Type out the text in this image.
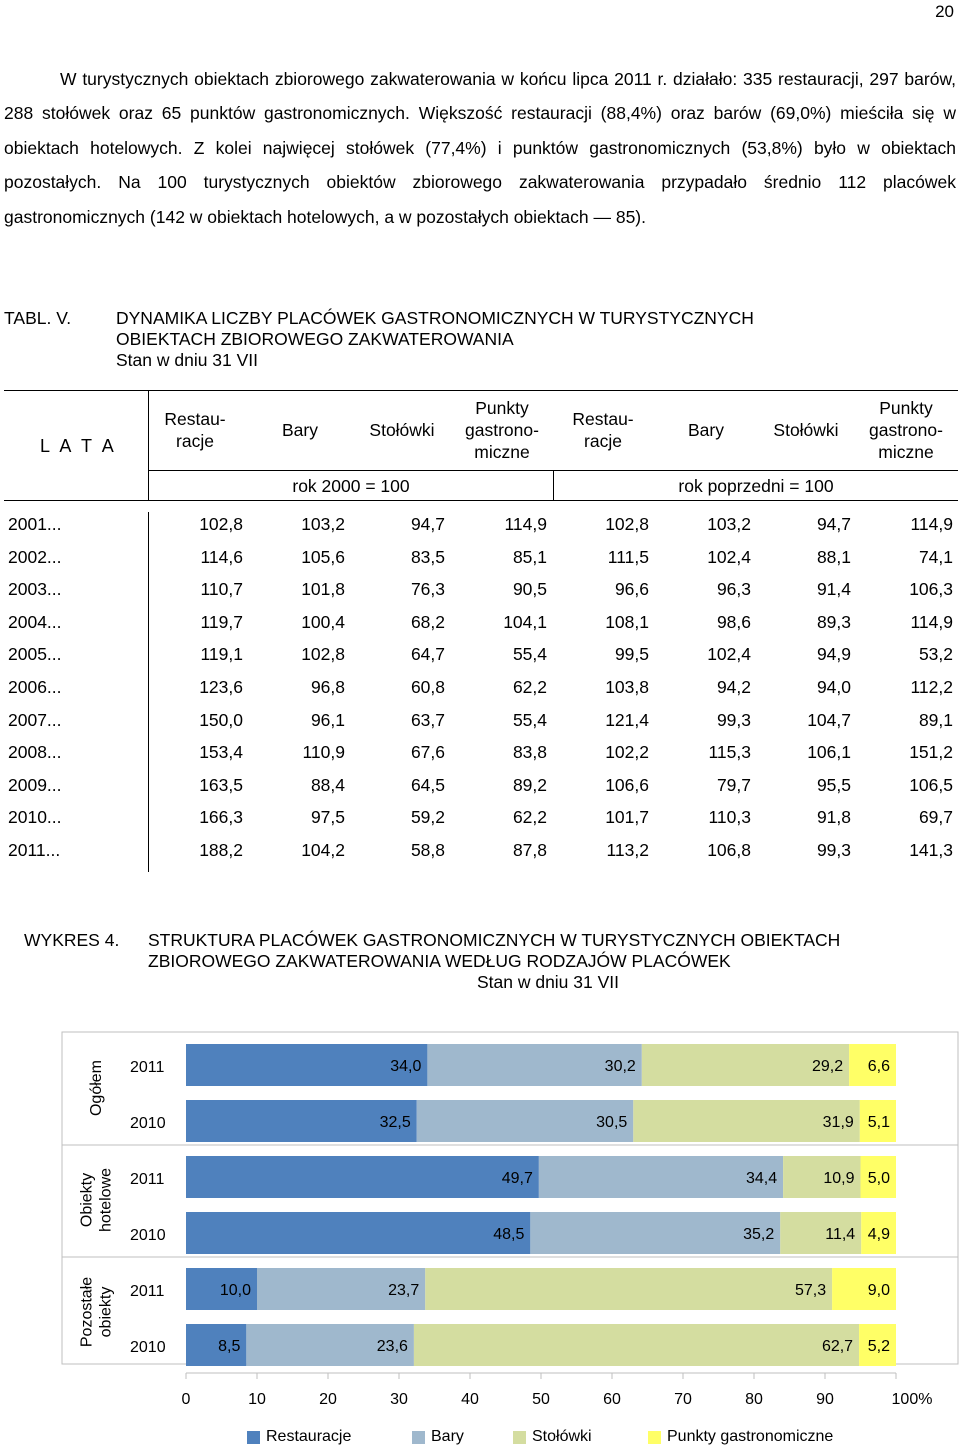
20

W turystycznych obiektach zbiorowego zakwaterowania w końcu lipca 2011 r. działało: 335 restauracji, 297 barów, 288 stołówek oraz 65 punktów gastronomicznych. Większość restauracji (88,4%) oraz barów (69,0%) mieściła się w obiektach hotelowych. Z kolei najwięcej stołówek (77,4%) i punktów gastronomicznych (53,8%) było w obiektach pozostałych. Na 100 turystycznych obiektów zbiorowego zakwaterowania przypadało średnio 112 placówek gastronomicznych (142 w obiektach hotelowych, a w pozostałych obiektach — 85).

TABL. V.	DYNAMIKA LICZBY PLACÓWEK GASTRONOMICZNYCH W TURYSTYCZNYCH
OBIEKTACH ZBIOROWEGO ZAKWATEROWANIA
Stan w dniu 31 VII
L A T A
Restau-
racje
Bary	Stołówki
Punkty
gastrono-
miczne
Restau-
racje
Bary	Stołówki
Punkty
gastrono-
miczne
rok 2000 = 100	rok poprzedni = 100
2001...	102,8	103,2	94,7	114,9	102,8	103,2	94,7	114,9
2002...	114,6	105,6	83,5	85,1	111,5	102,4	88,1	74,1
2003...	110,7	101,8	76,3	90,5	96,6	96,3	91,4	106,3
2004...	119,7	100,4	68,2	104,1	108,1	98,6	89,3	114,9
2005...	119,1	102,8	64,7	55,4	99,5	102,4	94,9	53,2
2006...	123,6	96,8	60,8	62,2	103,8	94,2	94,0	112,2
2007...	150,0	96,1	63,7	55,4	121,4	99,3	104,7	89,1
2008...	153,4	110,9	67,6	83,8	102,2	115,3	106,1	151,2
2009...	163,5	88,4	64,5	89,2	106,6	79,7	95,5	106,5
2010...	166,3	97,5	59,2	62,2	101,7	110,3	91,8	69,7
2011...	188,2	104,2	58,8	87,8	113,2	106,8	99,3	141,3
WYKRES 4.	STRUKTURA PLACÓWEK GASTRONOMICZNYCH W TURYSTYCZNYCH OBIEKTACH
ZBIOROWEGO ZAKWATEROWANIA WEDŁUG RODZAJÓW PLACÓWEK
Stan w dniu 31 VII
Ogółem 2011	34,0	30,2	29,2 6,6
2010	32,5	30,5	31,9 5,1
Obiekty hotelowe 2011	49,7	34,4	10,9 5,0
2010	48,5	35,2	11,4 4,9
Pozostałe obiekty 2011	10,0	23,7	57,3	9,0
2010	8,5	23,6	62,7 5,2
0	10	20	30	40	50	60	70	80	90	100%
Restauracje	Bary	Stołówki	Punkty gastronomiczne
